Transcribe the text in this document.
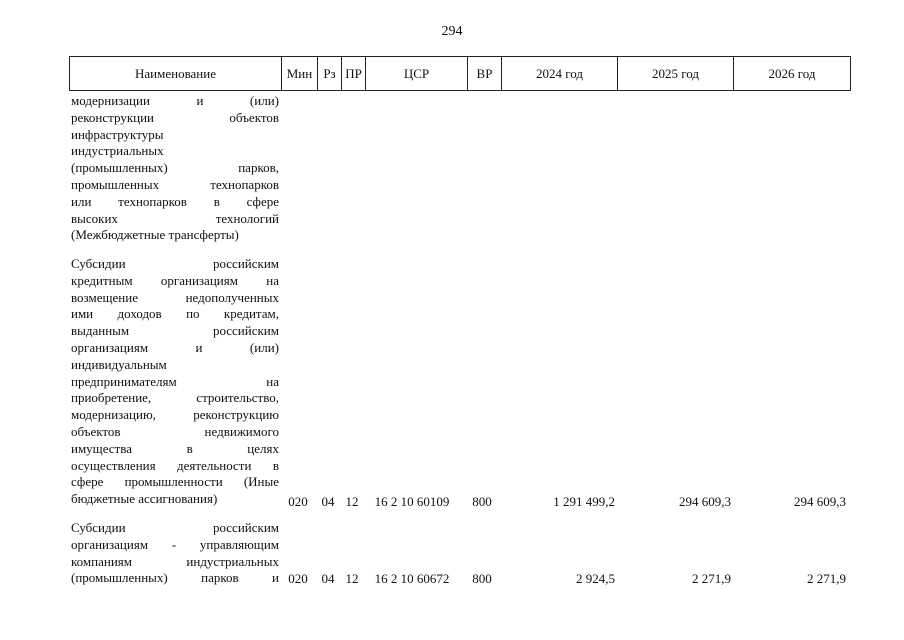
294
Наименование	Мин	Рз	ПР	ЦСР	ВР	2024 год	2025 год	2026 год
модернизации и (или)
реконструкции объектов
инфраструктуры
индустриальных
(промышленных) парков,
промышленных технопарков
или технопарков в сфере
высоких технологий
(Межбюджетные трансферты)
Субсидии российским
кредитным организациям на
возмещение недополученных
ими доходов по кредитам,
выданным российским
организациям и (или)
индивидуальным
предпринимателям на
приобретение, строительство,
модернизацию, реконструкцию
объектов недвижимого
имущества в целях
осуществления деятельности в
сфере промышленности (Иные
бюджетные ассигнования)	020	04 12	16 2 10 60109	800	1 291 499,2	294 609,3	294 609,3
Субсидии российским
организациям - управляющим
компаниям индустриальных
(промышленных) парков и 020	04 12	16 2 10 60672	800	2 924,5	2 271,9	2 271,9
